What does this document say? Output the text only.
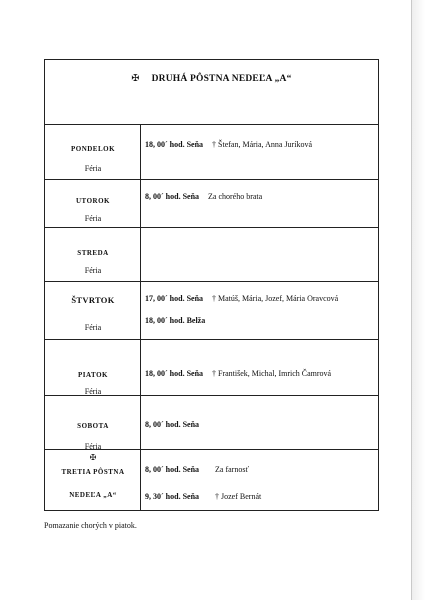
✠ DRUHÁ PÔSTNA NEDEĽA „A“
PONDELOK
Féria
18, 00´ hod. Seňa † Štefan, Mária, Anna Juríková
UTOROK
Féria
8, 00´ hod. Seňa Za chorého brata
STREDA
Féria
ŠTVRTOK
Féria
17, 00´ hod. Seňa † Matúš, Mária, Jozef, Mária Oravcová
18, 00´ hod. Belža
PIATOK
Féria
18, 00´ hod. Seňa † František, Michal, Imrich Čamrová
SOBOTA
Féria
8, 00´ hod. Seňa
✠
TRETIA PÔSTNA
NEDEĽA „A“
8, 00´ hod. Seňa Za farnosť
9, 30´ hod. Seňa † Jozef Bernát
Pomazanie chorých v piatok.
